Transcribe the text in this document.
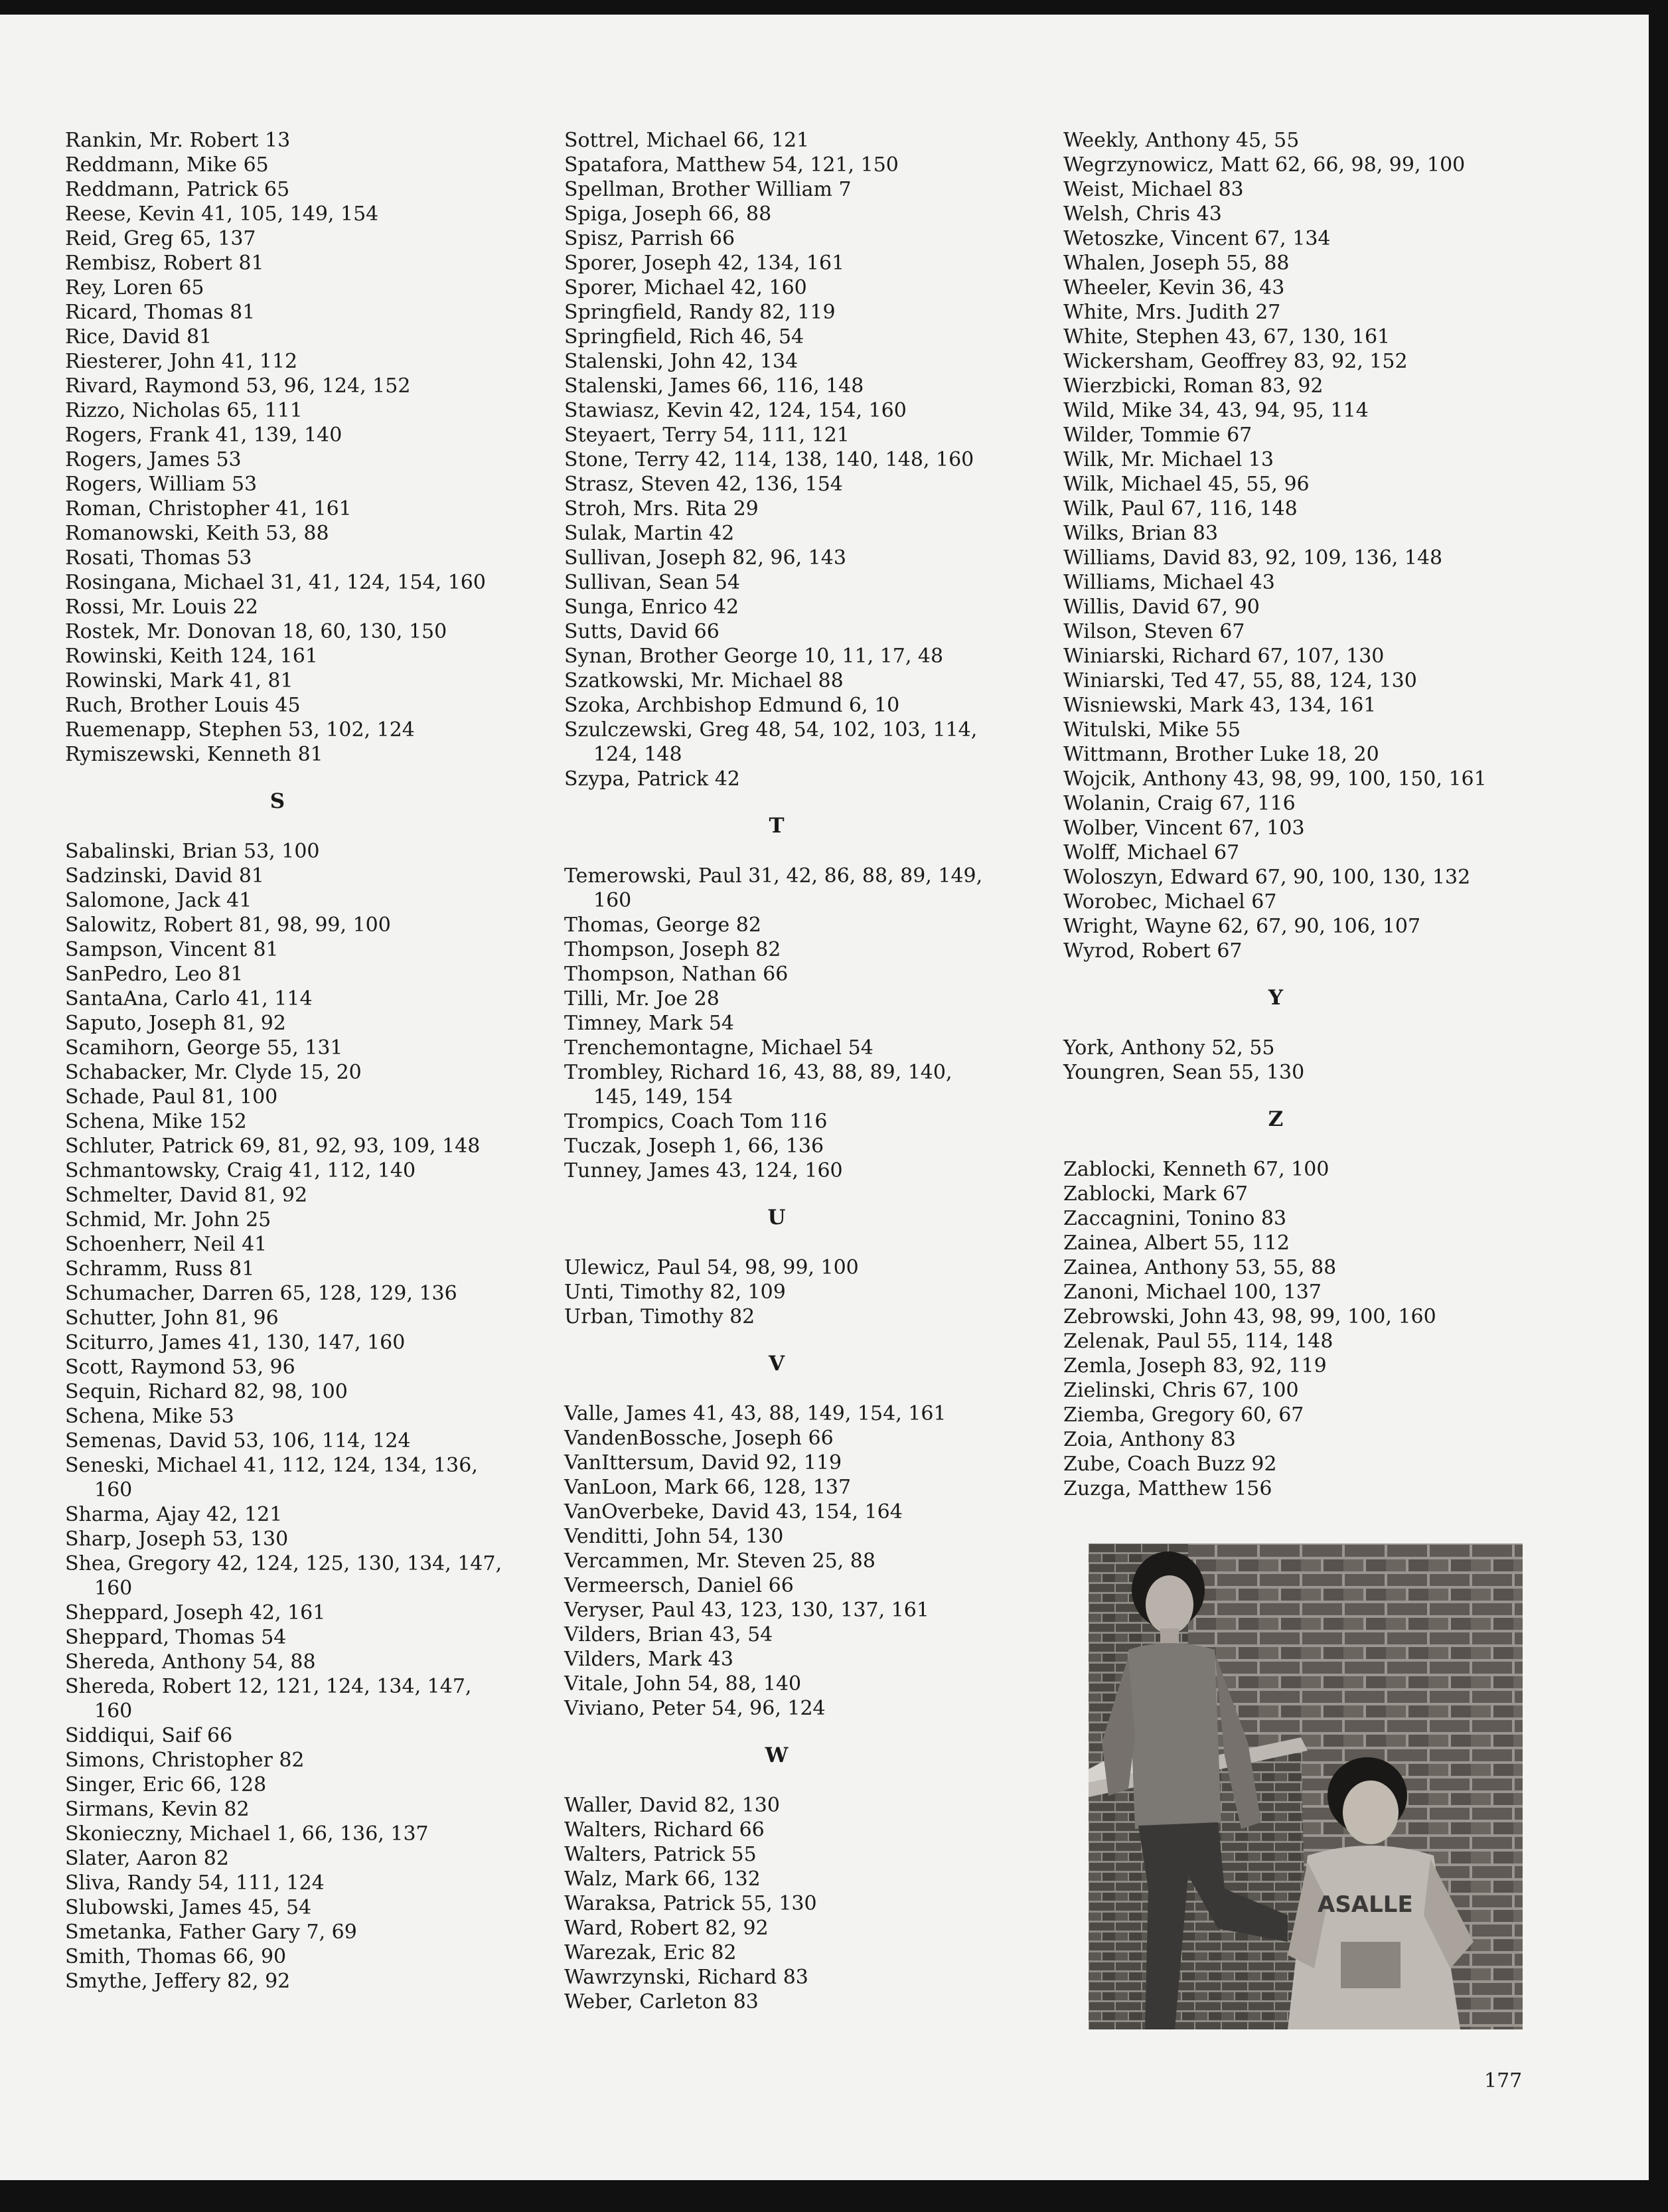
Rankin, Mr. Robert 13
Reddmann, Mike 65
Reddmann, Patrick 65
Reese, Kevin 41, 105, 149, 154
Reid, Greg 65, 137
Rembisz, Robert 81
Rey, Loren 65
Ricard, Thomas 81
Rice, David 81
Riesterer, John 41, 112
Rivard, Raymond 53, 96, 124, 152
Rizzo, Nicholas 65, 111
Rogers, Frank 41, 139, 140
Rogers, James 53
Rogers, William 53
Roman, Christopher 41, 161
Romanowski, Keith 53, 88
Rosati, Thomas 53
Rosingana, Michael 31, 41, 124, 154, 160
Rossi, Mr. Louis 22
Rostek, Mr. Donovan 18, 60, 130, 150
Rowinski, Keith 124, 161
Rowinski, Mark 41, 81
Ruch, Brother Louis 45
Ruemenapp, Stephen 53, 102, 124
Rymiszewski, Kenneth 81
S
Sabalinski, Brian 53, 100
Sadzinski, David 81
Salomone, Jack 41
Salowitz, Robert 81, 98, 99, 100
Sampson, Vincent 81
SanPedro, Leo 81
SantaAna, Carlo 41, 114
Saputo, Joseph 81, 92
Scamihorn, George 55, 131
Schabacker, Mr. Clyde 15, 20
Schade, Paul 81, 100
Schena, Mike 152
Schluter, Patrick 69, 81, 92, 93, 109, 148
Schmantowsky, Craig 41, 112, 140
Schmelter, David 81, 92
Schmid, Mr. John 25
Schoenherr, Neil 41
Schramm, Russ 81
Schumacher, Darren 65, 128, 129, 136
Schutter, John 81, 96
Sciturro, James 41, 130, 147, 160
Scott, Raymond 53, 96
Sequin, Richard 82, 98, 100
Schena, Mike 53
Semenas, David 53, 106, 114, 124
Seneski, Michael 41, 112, 124, 134, 136,
160
Sharma, Ajay 42, 121
Sharp, Joseph 53, 130
Shea, Gregory 42, 124, 125, 130, 134, 147,
160
Sheppard, Joseph 42, 161
Sheppard, Thomas 54
Shereda, Anthony 54, 88
Shereda, Robert 12, 121, 124, 134, 147,
160
Siddiqui, Saif 66
Simons, Christopher 82
Singer, Eric 66, 128
Sirmans, Kevin 82
Skonieczny, Michael 1, 66, 136, 137
Slater, Aaron 82
Sliva, Randy 54, 111, 124
Slubowski, James 45, 54
Smetanka, Father Gary 7, 69
Smith, Thomas 66, 90
Smythe, Jeffery 82, 92
Sottrel, Michael 66, 121
Spatafora, Matthew 54, 121, 150
Spellman, Brother William 7
Spiga, Joseph 66, 88
Spisz, Parrish 66
Sporer, Joseph 42, 134, 161
Sporer, Michael 42, 160
Springfield, Randy 82, 119
Springfield, Rich 46, 54
Stalenski, John 42, 134
Stalenski, James 66, 116, 148
Stawiasz, Kevin 42, 124, 154, 160
Steyaert, Terry 54, 111, 121
Stone, Terry 42, 114, 138, 140, 148, 160
Strasz, Steven 42, 136, 154
Stroh, Mrs. Rita 29
Sulak, Martin 42
Sullivan, Joseph 82, 96, 143
Sullivan, Sean 54
Sunga, Enrico 42
Sutts, David 66
Synan, Brother George 10, 11, 17, 48
Szatkowski, Mr. Michael 88
Szoka, Archbishop Edmund 6, 10
Szulczewski, Greg 48, 54, 102, 103, 114,
124, 148
Szypa, Patrick 42
T
Temerowski, Paul 31, 42, 86, 88, 89, 149,
160
Thomas, George 82
Thompson, Joseph 82
Thompson, Nathan 66
Tilli, Mr. Joe 28
Timney, Mark 54
Trenchemontagne, Michael 54
Trombley, Richard 16, 43, 88, 89, 140,
145, 149, 154
Trompics, Coach Tom 116
Tuczak, Joseph 1, 66, 136
Tunney, James 43, 124, 160
U
Ulewicz, Paul 54, 98, 99, 100
Unti, Timothy 82, 109
Urban, Timothy 82
V
Valle, James 41, 43, 88, 149, 154, 161
VandenBossche, Joseph 66
VanIttersum, David 92, 119
VanLoon, Mark 66, 128, 137
VanOverbeke, David 43, 154, 164
Venditti, John 54, 130
Vercammen, Mr. Steven 25, 88
Vermeersch, Daniel 66
Veryser, Paul 43, 123, 130, 137, 161
Vilders, Brian 43, 54
Vilders, Mark 43
Vitale, John 54, 88, 140
Viviano, Peter 54, 96, 124
W
Waller, David 82, 130
Walters, Richard 66
Walters, Patrick 55
Walz, Mark 66, 132
Waraksa, Patrick 55, 130
Ward, Robert 82, 92
Warezak, Eric 82
Wawrzynski, Richard 83
Weber, Carleton 83
Weekly, Anthony 45, 55
Wegrzynowicz, Matt 62, 66, 98, 99, 100
Weist, Michael 83
Welsh, Chris 43
Wetoszke, Vincent 67, 134
Whalen, Joseph 55, 88
Wheeler, Kevin 36, 43
White, Mrs. Judith 27
White, Stephen 43, 67, 130, 161
Wickersham, Geoffrey 83, 92, 152
Wierzbicki, Roman 83, 92
Wild, Mike 34, 43, 94, 95, 114
Wilder, Tommie 67
Wilk, Mr. Michael 13
Wilk, Michael 45, 55, 96
Wilk, Paul 67, 116, 148
Wilks, Brian 83
Williams, David 83, 92, 109, 136, 148
Williams, Michael 43
Willis, David 67, 90
Wilson, Steven 67
Winiarski, Richard 67, 107, 130
Winiarski, Ted 47, 55, 88, 124, 130
Wisniewski, Mark 43, 134, 161
Witulski, Mike 55
Wittmann, Brother Luke 18, 20
Wojcik, Anthony 43, 98, 99, 100, 150, 161
Wolanin, Craig 67, 116
Wolber, Vincent 67, 103
Wolff, Michael 67
Woloszyn, Edward 67, 90, 100, 130, 132
Worobec, Michael 67
Wright, Wayne 62, 67, 90, 106, 107
Wyrod, Robert 67
Y
York, Anthony 52, 55
Youngren, Sean 55, 130
Z
Zablocki, Kenneth 67, 100
Zablocki, Mark 67
Zaccagnini, Tonino 83
Zainea, Albert 55, 112
Zainea, Anthony 53, 55, 88
Zanoni, Michael 100, 137
Zebrowski, John 43, 98, 99, 100, 160
Zelenak, Paul 55, 114, 148
Zemla, Joseph 83, 92, 119
Zielinski, Chris 67, 100
Ziemba, Gregory 60, 67
Zoia, Anthony 83
Zube, Coach Buzz 92
Zuzga, Matthew 156
ASALLE
177
